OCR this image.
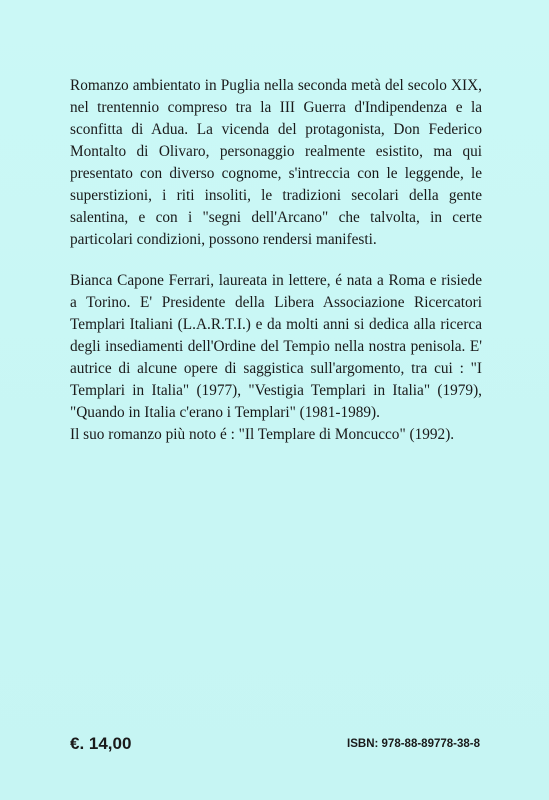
Romanzo ambientato in Puglia nella seconda metà del secolo XIX, nel trentennio compreso tra la III Guerra d'Indipendenza e la sconfitta di Adua. La vicenda del protagonista, Don Federico Montalto di Olivaro, personaggio realmente esistito, ma qui presentato con diverso cognome, s'intreccia con le leggende, le superstizioni, i riti insoliti, le tradizioni secolari della gente salentina, e con i "segni dell'Arcano" che talvolta, in certe particolari condizioni, possono rendersi manifesti.

Bianca Capone Ferrari, laureata in lettere, é nata a Roma e risiede a Torino. E' Presidente della Libera Associazione Ricercatori Templari Italiani (L.A.R.T.I.) e da molti anni si dedica alla ricerca degli insediamenti dell'Ordine del Tempio nella nostra penisola. E' autrice di alcune opere di saggistica sull'argomento, tra cui : "I Templari in Italia" (1977), "Vestigia Templari in Italia" (1979), "Quando in Italia c'erano i Templari" (1981-1989).

Il suo romanzo più noto é : "Il Templare di Moncucco" (1992).

€. 14,00	ISBN: 978-88-89778-38-8
